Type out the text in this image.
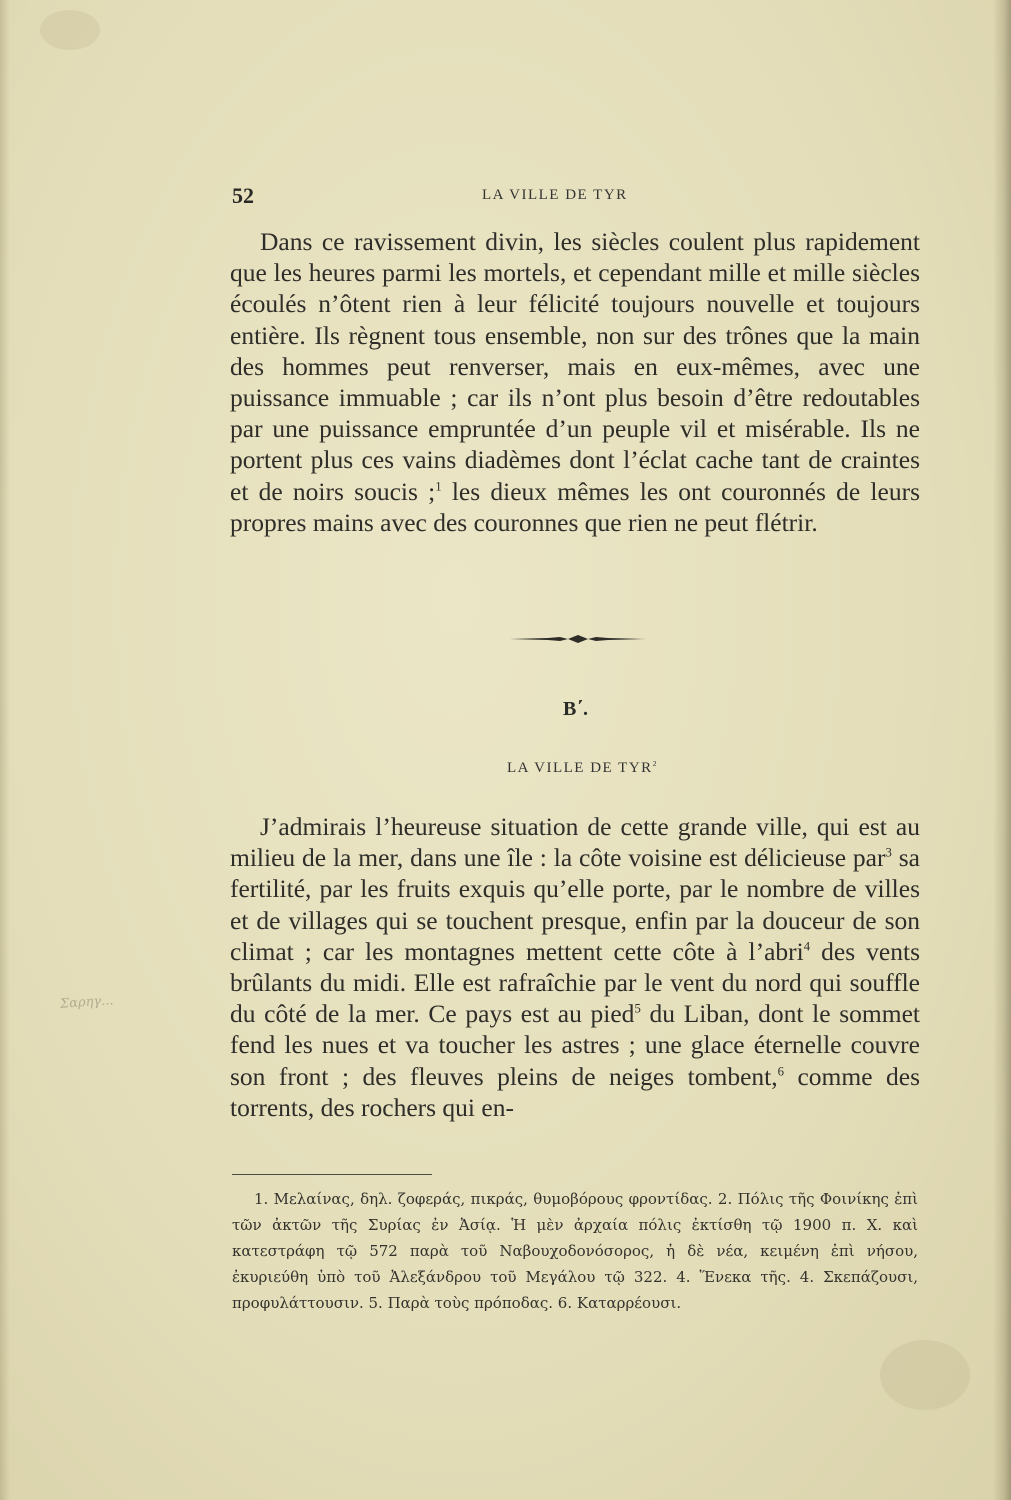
52	LA VILLE DE TYR

Dans ce ravissement divin, les siècles coulent plus rapidement que les heures parmi les mortels, et cependant mille et mille siècles écoulés n’ôtent rien à leur félicité toujours nouvelle et toujours entière. Ils règnent tous ensemble, non sur des trônes que la main des hommes peut renverser, mais en eux-mêmes, avec une puissance immuable ; car ils n’ont plus besoin d’être redoutables par une puissance empruntée d’un peuple vil et misérable. Ils ne portent plus ces vains diadèmes dont l’éclat cache tant de craintes et de noirs soucis ;$^1$ les dieux mêmes les ont couronnés de leurs propres mains avec des couronnes que rien ne peut flétrir.

B΄.
LA VILLE DE TYR$^2$

J’admirais l’heureuse situation de cette grande ville, qui est au milieu de la mer, dans une île : la côte voisine est délicieuse par$^3$ sa fertilité, par les fruits exquis qu’elle porte, par le nombre de villes et de villages qui se touchent presque, enfin par la douceur de son climat ; car les montagnes mettent cette côte à l’abri$^4$ des vents brûlants du midi. Elle est rafraîchie par le vent du nord qui souffle du côté de la mer. Ce pays est au pied$^5$ du Liban, dont le sommet fend les nues et va toucher les astres ; une glace éternelle couvre son front ; des fleuves pleins de neiges tombent,$^6$ comme des torrents, des rochers qui en-

Σαρηγ...

1. Μελαίνας, δηλ. ζοφεράς, πικράς, θυμοβόρους φροντίδας. 2. Πόλις τῆς Φοινίκης ἐπὶ τῶν ἀκτῶν τῆς Συρίας ἐν Ἀσίᾳ. Ἡ μὲν ἀρχαία πόλις ἐκτίσθη τῷ 1900 π. Χ. καὶ κατεστράφη τῷ 572 παρὰ τοῦ Ναβουχοδονόσορος, ἡ δὲ νέα, κειμένη ἐπὶ νήσου, ἐκυριεύθη ὑπὸ τοῦ Ἀλεξάνδρου τοῦ Μεγάλου τῷ 322. 4. Ἕνεκα τῆς. 4. Σκεπάζουσι, προφυλάττουσιν. 5. Παρὰ τοὺς πρόποδας. 6. Καταρρέουσι.
